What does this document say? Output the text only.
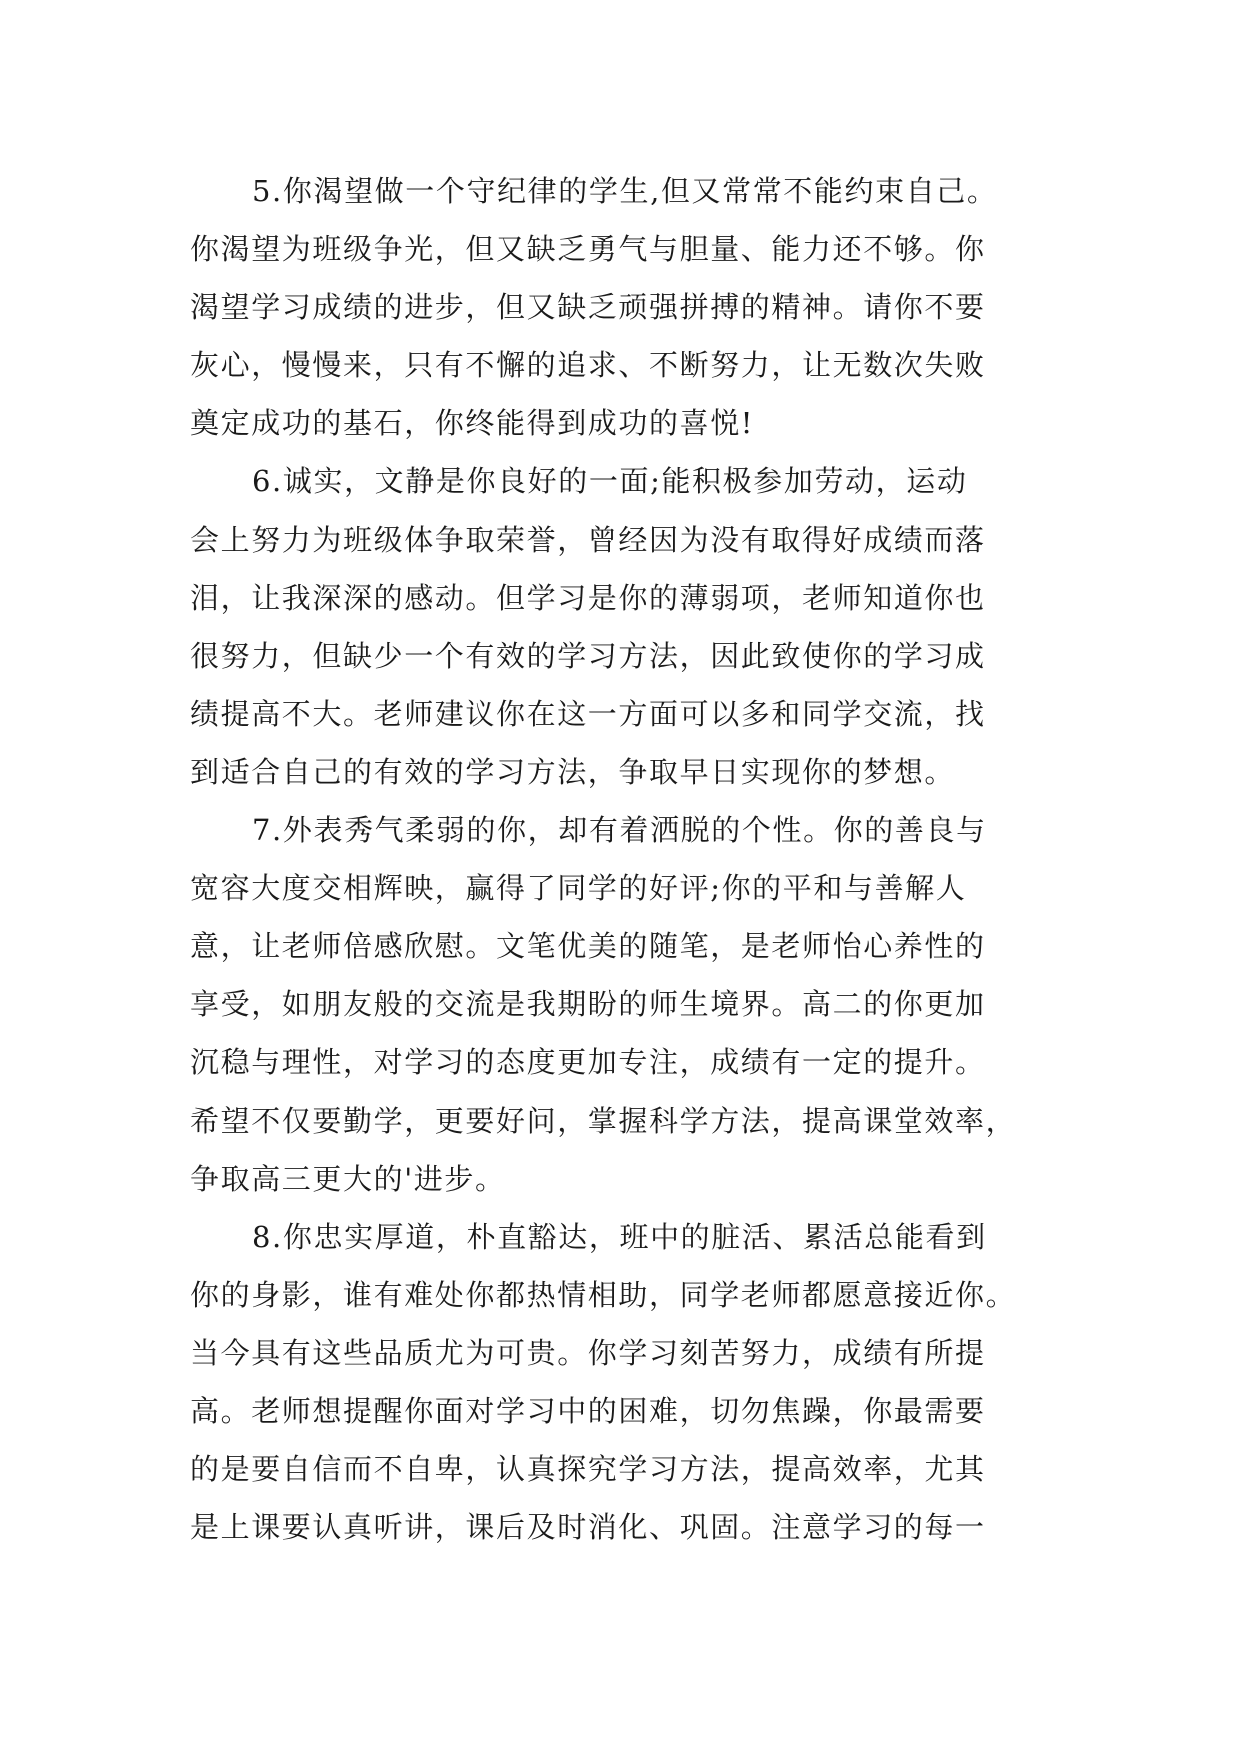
5.你渴望做一个守纪律的学生,但又常常不能约束自己。
你渴望为班级争光，但又缺乏勇气与胆量、能力还不够。你
渴望学习成绩的进步，但又缺乏顽强拼搏的精神。请你不要
灰心，慢慢来，只有不懈的追求、不断努力，让无数次失败
奠定成功的基石，你终能得到成功的喜悦!
6.诚实，文静是你良好的一面;能积极参加劳动，运动
会上努力为班级体争取荣誉，曾经因为没有取得好成绩而落
泪，让我深深的感动。但学习是你的薄弱项，老师知道你也
很努力，但缺少一个有效的学习方法，因此致使你的学习成
绩提高不大。老师建议你在这一方面可以多和同学交流，找
到适合自己的有效的学习方法，争取早日实现你的梦想。
7.外表秀气柔弱的你，却有着洒脱的个性。你的善良与
宽容大度交相辉映，赢得了同学的好评;你的平和与善解人
意，让老师倍感欣慰。文笔优美的随笔，是老师怡心养性的
享受，如朋友般的交流是我期盼的师生境界。高二的你更加
沉稳与理性，对学习的态度更加专注，成绩有一定的提升。
希望不仅要勤学，更要好问，掌握科学方法，提高课堂效率，
争取高三更大的'进步。
8.你忠实厚道，朴直豁达，班中的脏活、累活总能看到
你的身影，谁有难处你都热情相助，同学老师都愿意接近你。
当今具有这些品质尤为可贵。你学习刻苦努力，成绩有所提
高。老师想提醒你面对学习中的困难，切勿焦躁，你最需要
的是要自信而不自卑，认真探究学习方法，提高效率，尤其
是上课要认真听讲，课后及时消化、巩固。注意学习的每一
